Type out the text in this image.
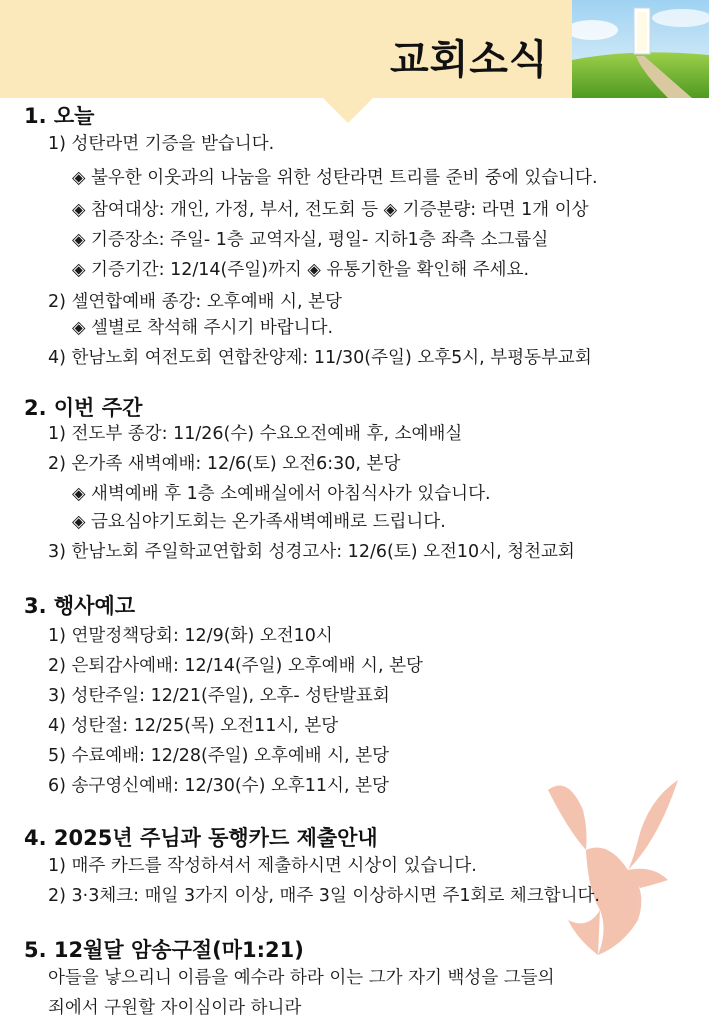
교회소식
1. 오늘
1) 성탄라면 기증을 받습니다.
◈ 불우한 이웃과의 나눔을 위한 성탄라면 트리를 준비 중에 있습니다.
◈ 참여대상: 개인, 가정, 부서, 전도회 등 ◈ 기증분량: 라면 1개 이상
◈ 기증장소: 주일- 1층 교역자실, 평일- 지하1층 좌측 소그룹실
◈ 기증기간: 12/14(주일)까지 ◈ 유통기한을 확인해 주세요.
2) 셀연합예배 종강: 오후예배 시, 본당
◈ 셀별로 착석해 주시기 바랍니다.
4) 한남노회 여전도회 연합찬양제: 11/30(주일) 오후5시, 부평동부교회
2. 이번 주간
1) 전도부 종강: 11/26(수) 수요오전예배 후, 소예배실
2) 온가족 새벽예배: 12/6(토) 오전6:30, 본당
◈ 새벽예배 후 1층 소예배실에서 아침식사가 있습니다.
◈ 금요심야기도회는 온가족새벽예배로 드립니다.
3) 한남노회 주일학교연합회 성경고사: 12/6(토) 오전10시, 청천교회
3. 행사예고
1) 연말정책당회: 12/9(화) 오전10시
2) 은퇴감사예배: 12/14(주일) 오후예배 시, 본당
3) 성탄주일: 12/21(주일), 오후- 성탄발표회
4) 성탄절: 12/25(목) 오전11시, 본당
5) 수료예배: 12/28(주일) 오후예배 시, 본당
6) 송구영신예배: 12/30(수) 오후11시, 본당
4. 2025년 주님과 동행카드 제출안내
1) 매주 카드를 작성하셔서 제출하시면 시상이 있습니다.
2) 3·3체크: 매일 3가지 이상, 매주 3일 이상하시면 주1회로 체크합니다.
5. 12월달 암송구절(마1:21)
아들을 낳으리니 이름을 예수라 하라 이는 그가 자기 백성을 그들의
죄에서 구원할 자이심이라 하니라
